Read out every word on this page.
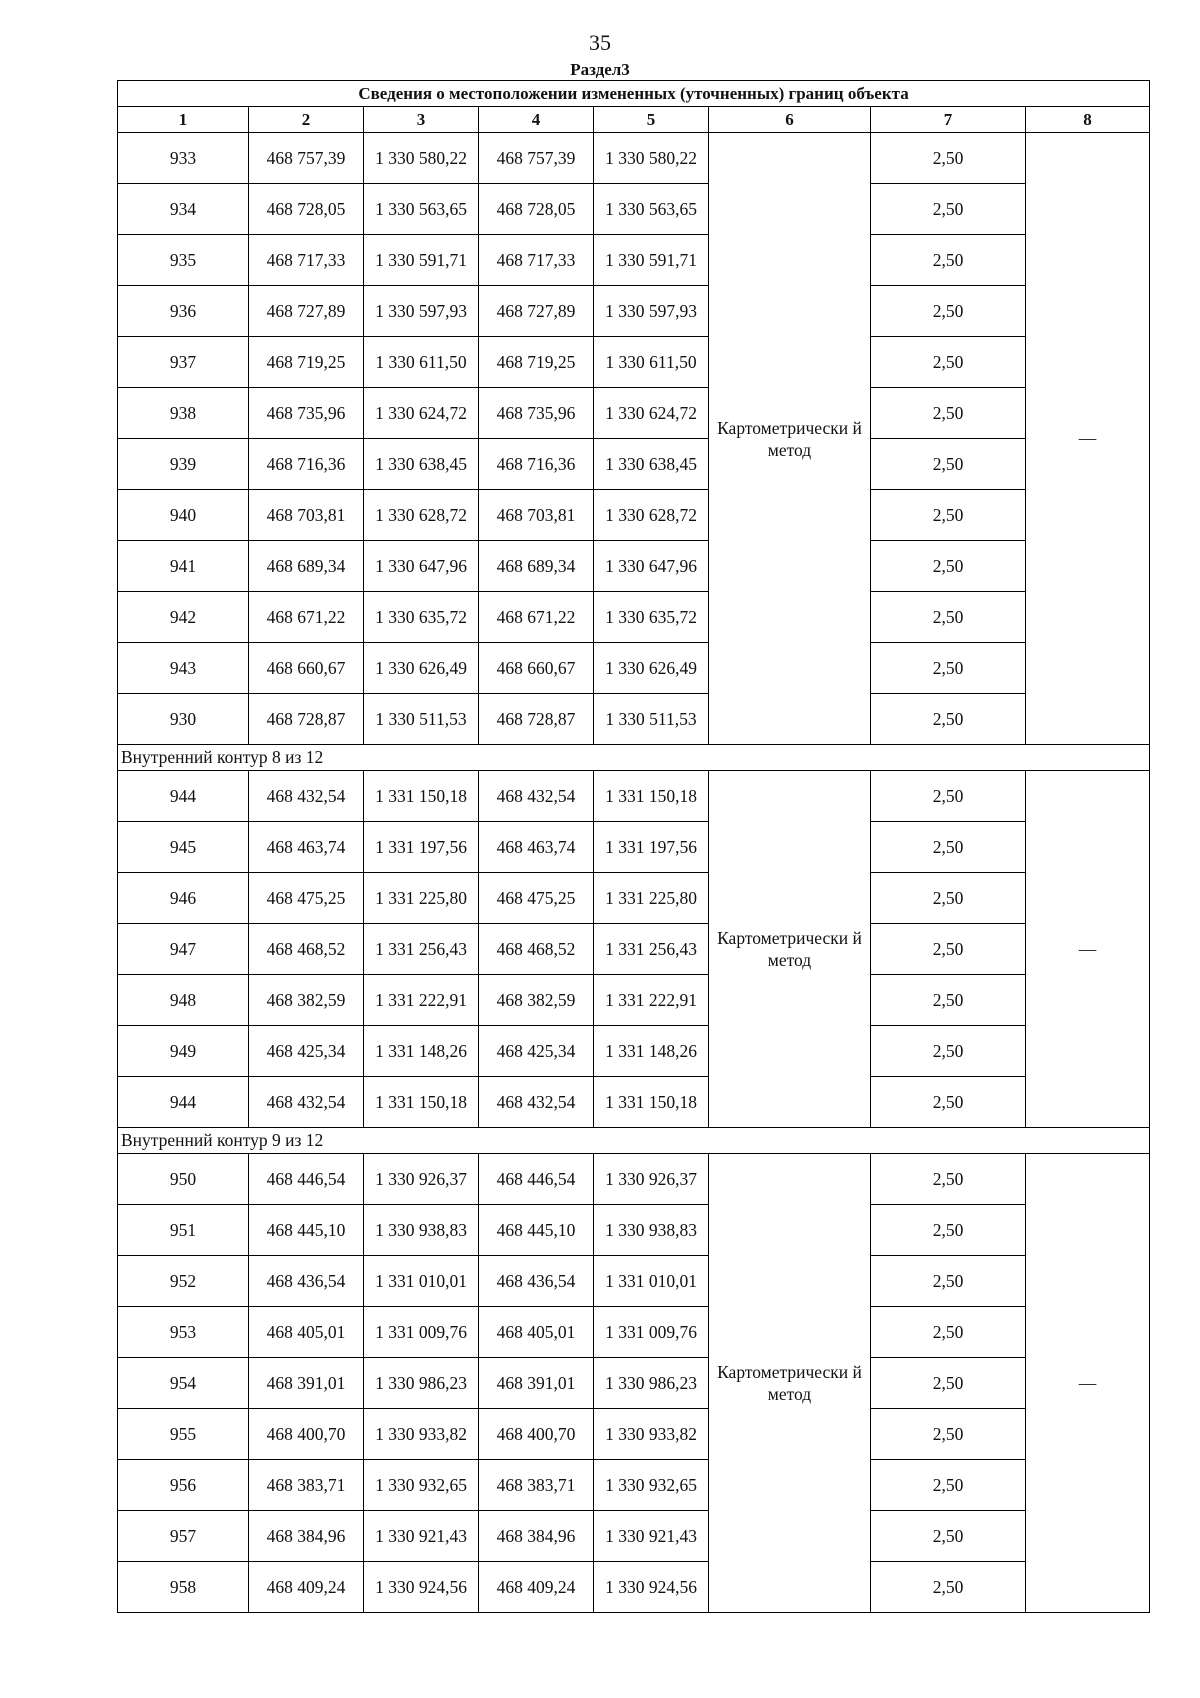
35
Раздел3
Сведения о местоположении измененных (уточненных) границ объекта							
1	2	3	4	5	6	7	8
933	468 757,39	1 330 580,22	468 757,39	1 330 580,22	Картометрически й метод	2,50	—
934	468 728,05	1 330 563,65	468 728,05	1 330 563,65		2,50	
935	468 717,33	1 330 591,71	468 717,33	1 330 591,71		2,50	
936	468 727,89	1 330 597,93	468 727,89	1 330 597,93		2,50	
937	468 719,25	1 330 611,50	468 719,25	1 330 611,50		2,50	
938	468 735,96	1 330 624,72	468 735,96	1 330 624,72		2,50	
939	468 716,36	1 330 638,45	468 716,36	1 330 638,45		2,50	
940	468 703,81	1 330 628,72	468 703,81	1 330 628,72		2,50	
941	468 689,34	1 330 647,96	468 689,34	1 330 647,96		2,50	
942	468 671,22	1 330 635,72	468 671,22	1 330 635,72		2,50	
943	468 660,67	1 330 626,49	468 660,67	1 330 626,49		2,50	
930	468 728,87	1 330 511,53	468 728,87	1 330 511,53		2,50	
Внутренний контур 8 из 12							
944	468 432,54	1 331 150,18	468 432,54	1 331 150,18	Картометрически й метод	2,50	—
945	468 463,74	1 331 197,56	468 463,74	1 331 197,56		2,50	
946	468 475,25	1 331 225,80	468 475,25	1 331 225,80		2,50	
947	468 468,52	1 331 256,43	468 468,52	1 331 256,43		2,50	
948	468 382,59	1 331 222,91	468 382,59	1 331 222,91		2,50	
949	468 425,34	1 331 148,26	468 425,34	1 331 148,26		2,50	
944	468 432,54	1 331 150,18	468 432,54	1 331 150,18		2,50	
Внутренний контур 9 из 12							
950	468 446,54	1 330 926,37	468 446,54	1 330 926,37	Картометрически й метод	2,50	—
951	468 445,10	1 330 938,83	468 445,10	1 330 938,83		2,50	
952	468 436,54	1 331 010,01	468 436,54	1 331 010,01		2,50	
953	468 405,01	1 331 009,76	468 405,01	1 331 009,76		2,50	
954	468 391,01	1 330 986,23	468 391,01	1 330 986,23		2,50	
955	468 400,70	1 330 933,82	468 400,70	1 330 933,82		2,50	
956	468 383,71	1 330 932,65	468 383,71	1 330 932,65		2,50	
957	468 384,96	1 330 921,43	468 384,96	1 330 921,43		2,50	
958	468 409,24	1 330 924,56	468 409,24	1 330 924,56		2,50	
